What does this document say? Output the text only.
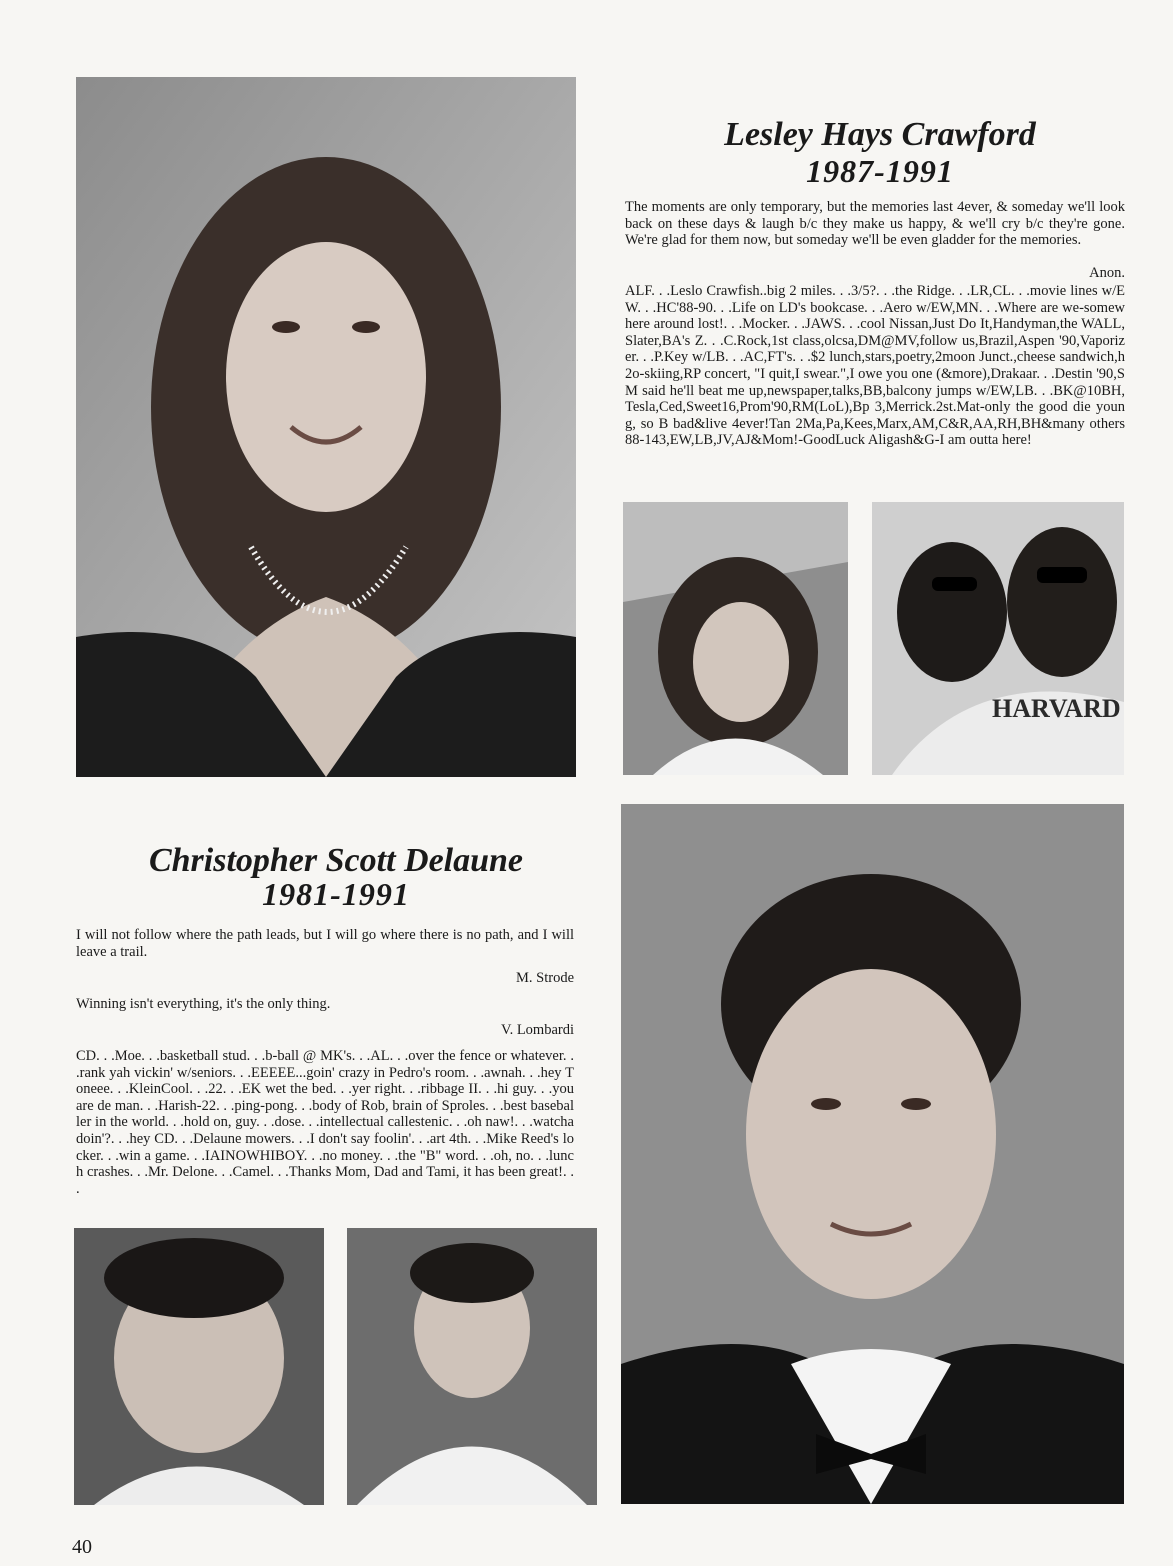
Lesley Hays Crawford
1987-1991

The moments are only temporary, but the memories last 4ever, & someday we'll look back on these days & laugh b/c they make us happy, & we'll cry b/c they're gone. We're glad for them now, but someday we'll be even gladder for the memories.

Anon.

ALF. . .Leslo Crawfish..big 2 miles. . .3/5?. . .the Ridge. . .LR,CL. . .movie lines w/EW. . .HC'88-90. . .Life on LD's bookcase. . .Aero w/EW,MN. . .Where are we-somewhere around lost!. . .Mocker. . .JAWS. . .cool Nissan,Just Do It,Handyman,the WALL,Slater,BA's Z. . .C.Rock,1st class,olcsa,DM@MV,follow us,Brazil,Aspen '90,Vaporizer. . .P.Key w/LB. . .AC,FT's. . .$2 lunch,stars,poetry,2moon Junct.,cheese sandwich,h2o-skiing,RP concert, "I quit,I swear.",I owe you one (&more),Drakaar. . .Destin '90,SM said he'll beat me up,newspaper,talks,BB,balcony jumps w/EW,LB. . .BK@10BH,Tesla,Ced,Sweet16,Prom'90,RM(LoL),Bp 3,Merrick.2st.Mat-only the good die young, so B bad&live 4ever!Tan 2Ma,Pa,Kees,Marx,AM,C&R,AA,RH,BH&many others 88-143,EW,LB,JV,AJ&Mom!-GoodLuck Aligash&G-I am outta here!

HARVARD
Christopher Scott Delaune
1981-1991

I will not follow where the path leads, but I will go where there is no path, and I will leave a trail.

M. Strode

Winning isn't everything, it's the only thing.

V. Lombardi

CD. . .Moe. . .basketball stud. . .b-ball @ MK's. . .AL. . .over the fence or whatever. . .rank yah vickin' w/seniors. . .EEEEE...goin' crazy in Pedro's room. . .awnah. . .hey Toneee. . .KleinCool. . .22. . .EK wet the bed. . .yer right. . .ribbage II. . .hi guy. . .you are de man. . .Harish-22. . .ping-pong. . .body of Rob, brain of Sproles. . .best baseballer in the world. . .hold on, guy. . .dose. . .intellectual callestenic. . .oh naw!. . .watcha doin'?. . .hey CD. . .Delaune mowers. . .I don't say foolin'. . .art 4th. . .Mike Reed's locker. . .win a game. . .IAINOWHIBOY. . .no money. . .the "B" word. . .oh, no. . .lunch crashes. . .Mr. Delone. . .Camel. . .Thanks Mom, Dad and Tami, it has been great!. . .

40
